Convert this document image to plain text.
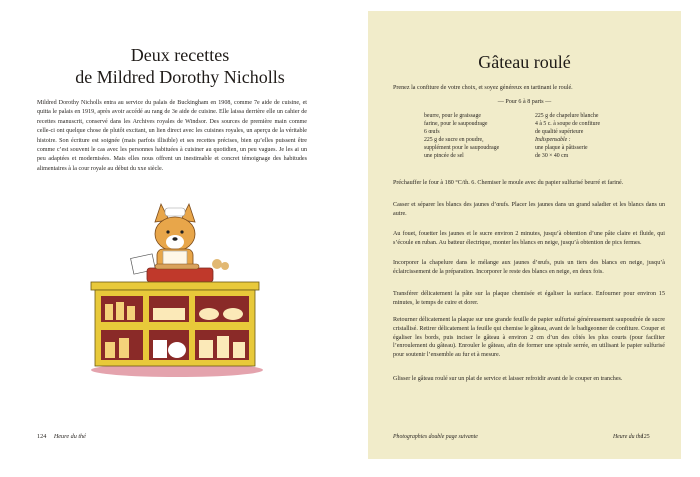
Deux recettes
de Mildred Dorothy Nicholls

Mildred Dorothy Nicholls entra au service du palais de Buckingham en 1908, comme 7e aide de cuisine, et quitta le palais en 1919, après avoir accédé au rang de 3e aide de cuisine. Elle laissa derrière elle un cahier de recettes manuscrit, conservé dans les Archives royales de Windsor. Des sources de première main comme celle-ci ont quelque chose de plutôt excitant, un lien direct avec les cuisines royales, un aperçu de la véritable histoire. Son écriture est soignée (mais parfois illisible) et ses recettes précises, bien qu’elles puissent être comme c’est souvent le cas avec les personnes habituées à cuisiner au quotidien, un peu vagues. Je les ai un peu adaptées et modernisées. Mais elles nous offrent un inestimable et concret témoignage des habitudes alimentaires à la cour royale au début du xxe siècle.

124 Heure du thé
Gâteau roulé

Prenez la confiture de votre choix, et soyez généreux en tartinant le roulé.

— Pour 6 à 8 parts —
beurre, pour le graissage
farine, pour le saupoudrage
6 œufs
225 g de sucre en poudre,
supplément pour le saupoudrage
une pincée de sel
225 g de chapelure blanche
4 à 5 c. à soupe de confiture
de qualité supérieure
Indispensable :
une plaque à pâtisserie
de 30 × 40 cm

Préchauffer le four à 180 °C/th. 6. Chemiser le moule avec du papier sulfurisé beurré et fariné.

Casser et séparer les blancs des jaunes d’œufs. Placer les jaunes dans un grand saladier et les blancs dans un autre.

Au fouet, fouetter les jaunes et le sucre environ 2 minutes, jusqu’à obtention d’une pâte claire et fluide, qui s’écoule en ruban. Au batteur électrique, monter les blancs en neige, jusqu’à obtention de pics fermes.

Incorporer la chapelure dans le mélange aux jaunes d’œufs, puis un tiers des blancs en neige, jusqu’à éclaircissement de la préparation. Incorporer le reste des blancs en neige, en deux fois.

Transférer délicatement la pâte sur la plaque chemisée et égaliser la surface. Enfourner pour environ 15 minutes, le temps de cuire et dorer.

Retourner délicatement la plaque sur une grande feuille de papier sulfurisé généreusement saupoudrée de sucre cristallisé. Retirer délicatement la feuille qui chemise le gâteau, avant de le badigeonner de confiture. Couper et égaliser les bords, puis inciser le gâteau à environ 2 cm d’un des côtés les plus courts (pour faciliter l’enroulement du gâteau). Enrouler le gâteau, afin de former une spirale serrée, en utilisant le papier sulfurisé pour soutenir l’ensemble au fur et à mesure.

Glisser le gâteau roulé sur un plat de service et laisser refroidir avant de le couper en tranches.

Photographies double page suivante	Heure du thé
125
